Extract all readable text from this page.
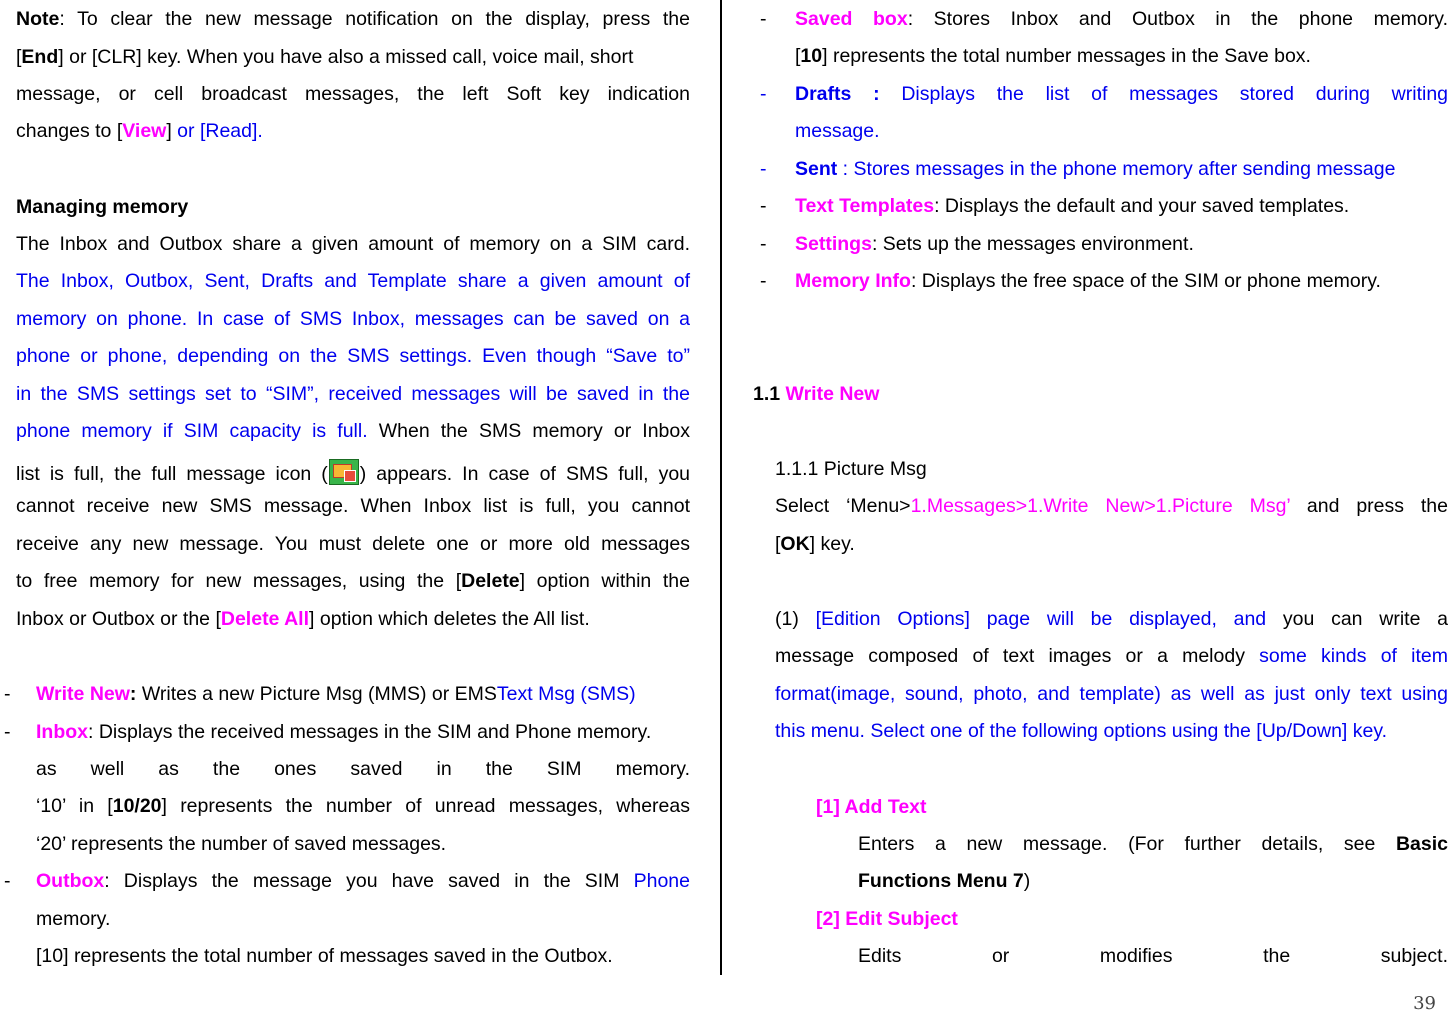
Note: To clear the new message notification on the display, press the
[End] or [CLR] key. When you have also a missed call, voice mail, short
message, or cell broadcast messages, the left Soft key indication
changes to [View] or [Read].
Managing memory
The Inbox and Outbox share a given amount of memory on a SIM card.
The Inbox, Outbox, Sent, Drafts and Template share a given amount of
memory on phone. In case of SMS Inbox, messages can be saved on a
phone or phone, depending on the SMS settings. Even though “Save to”
in the SMS settings set to “SIM”, received messages will be saved in the
phone memory if SIM capacity is full. When the SMS memory or Inbox
list is full, the full message icon ( ) appears. In case of SMS full, you
cannot receive new SMS message. When Inbox list is full, you cannot
receive any new message. You must delete one or more old messages
to free memory for new messages, using the [Delete] option within the
Inbox or Outbox or the [Delete All] option which deletes the All list.
- Write New: Writes a new Picture Msg (MMS) or EMSText Msg (SMS)
- Inbox: Displays the received messages in the SIM and Phone memory.
as well as the ones saved in the SIM memory.
‘10’ in [10/20] represents the number of unread messages, whereas
‘20’ represents the number of saved messages.
- Outbox: Displays the message you have saved in the SIM Phone
memory.
[10] represents the total number of messages saved in the Outbox.
- Saved box: Stores Inbox and Outbox in the phone memory.
[10] represents the total number messages in the Save box.
- Drafts : Displays the list of messages stored during writing
message.
- Sent : Stores messages in the phone memory after sending message
- Text Templates: Displays the default and your saved templates.
- Settings: Sets up the messages environment.
- Memory Info: Displays the free space of the SIM or phone memory.
1.1 Write New
1.1.1 Picture Msg
Select ‘Menu>1.Messages>1.Write New>1.Picture Msg’ and press the
[OK] key.
(1) [Edition Options] page will be displayed, and you can write a
message composed of text images or a melody some kinds of item
format(image, sound, photo, and template) as well as just only text using
this menu. Select one of the following options using the [Up/Down] key.
[1] Add Text
Enters a new message. (For further details, see Basic
Functions Menu 7)
[2] Edit Subject
Edits or modifies the subject.
39
